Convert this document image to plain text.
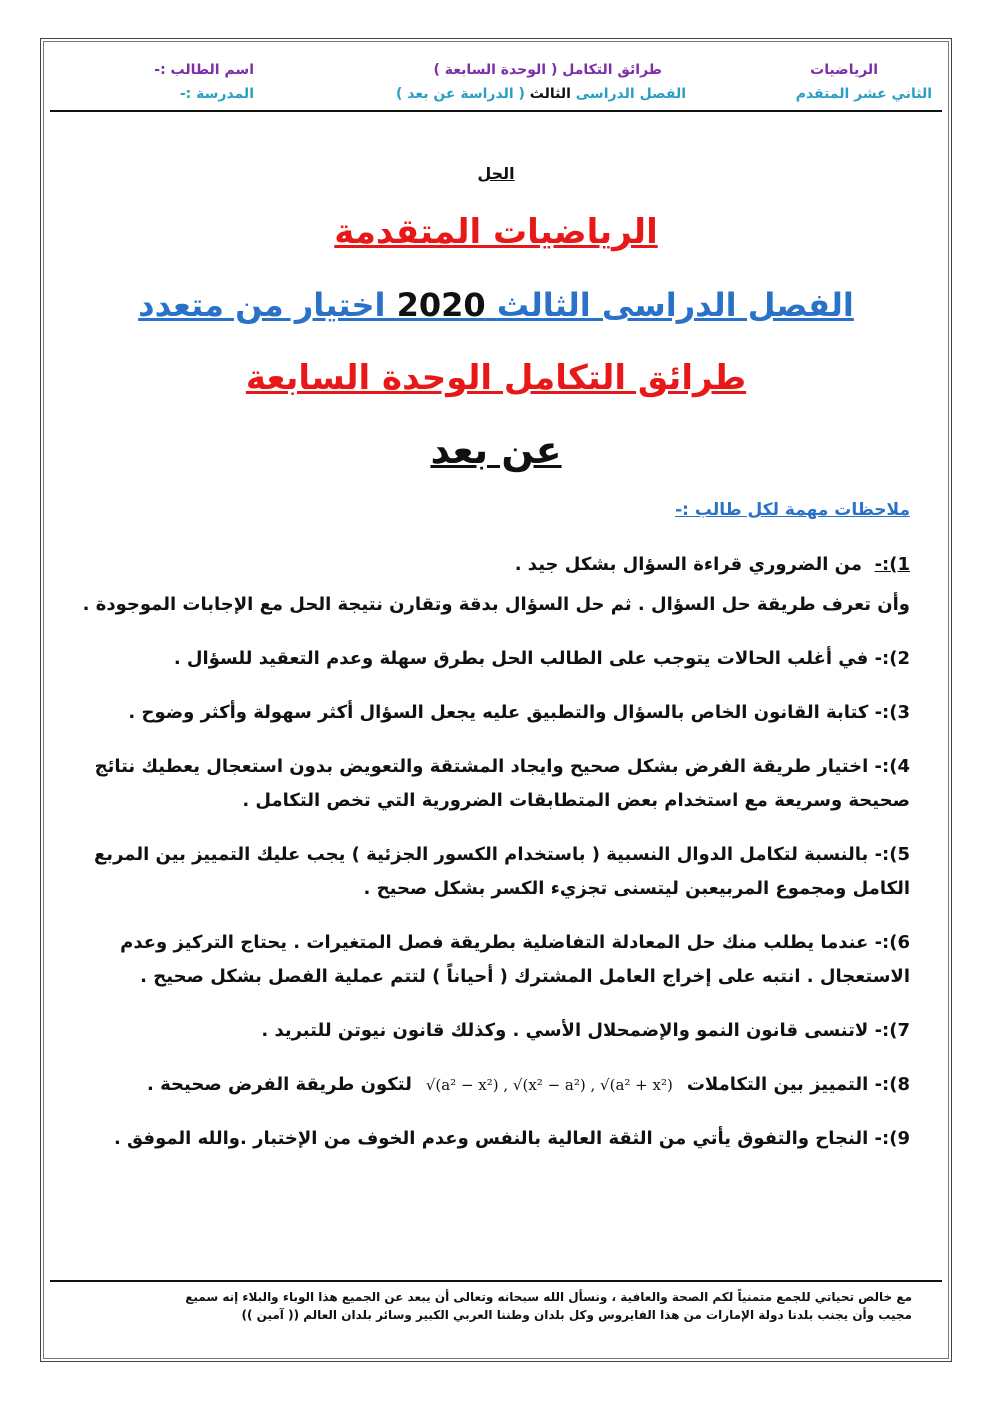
الرياضيات
الثاني عشر المتقدم
طرائق التكامل ( الوحدة السابعة )
الفصل الدراسى الثالث ( الدراسة عن بعد )
اسم الطالب :-
المدرسة :-
الحل
الرياضيات المتقدمة
الفصل الدراسى الثالث 2020 اختيار من متعدد
طرائق التكامل الوحدة السابعة
عن بعد
ملاحظات مهمة لكل طالب :-

1):-  من الضروري قراءة السؤال بشكل جيد .

وأن تعرف طريقة حل السؤال . ثم حل السؤال بدقة وتقارن نتيجة الحل مع الإجابات الموجودة .

2):- في أغلب الحالات يتوجب على الطالب الحل بطرق سهلة وعدم التعقيد للسؤال .

3):- كتابة القانون الخاص بالسؤال والتطبيق عليه يجعل السؤال أكثر سهولة وأكثر وضوح .

4):- اختيار طريقة الفرض بشكل صحيح وايجاد المشتقة والتعويض بدون استعجال يعطيك نتائج صحيحة وسريعة مع استخدام بعض المتطابقات الضرورية التي تخص التكامل .

5):- بالنسبة لتكامل الدوال النسبية ( باستخدام الكسور الجزئية ) يجب عليك التمييز بين المربع الكامل ومجموع المربيعبن ليتسنى تجزيء الكسر بشكل صحيح .

6):- عندما يطلب منك حل المعادلة التفاضلية بطريقة فصل المتغيرات . يحتاج التركيز وعدم الاستعجال . انتبه على إخراج العامل المشترك ( أحياناً ) لتتم عملية الفصل بشكل صحيح .

7):- لاتنسى قانون النمو والإضمحلال الأسي . وكذلك قانون نيوتن للتبريد .

8):- التمييز بين التكاملات√(a² − x²) , √(x² − a²) , √(a² + x²)لتكون طريقة الفرض صحيحة .

9):- النجاح والتفوق يأتي من الثقة العالية بالنفس وعدم الخوف من الإختبار .والله الموفق .

مع خالص تحياتي للجمع متمنياً لكم الصحة والعافية ، ونسأل الله سبحانه وتعالى أن يبعد عن الجميع هذا الوباء والبلاء إنه سميع
مجيب وأن يجنب بلدنا دولة الإمارات من هذا الفايروس وكل بلدان وطننا العربي الكبير وسائر بلدان العالم (( آمين ))
